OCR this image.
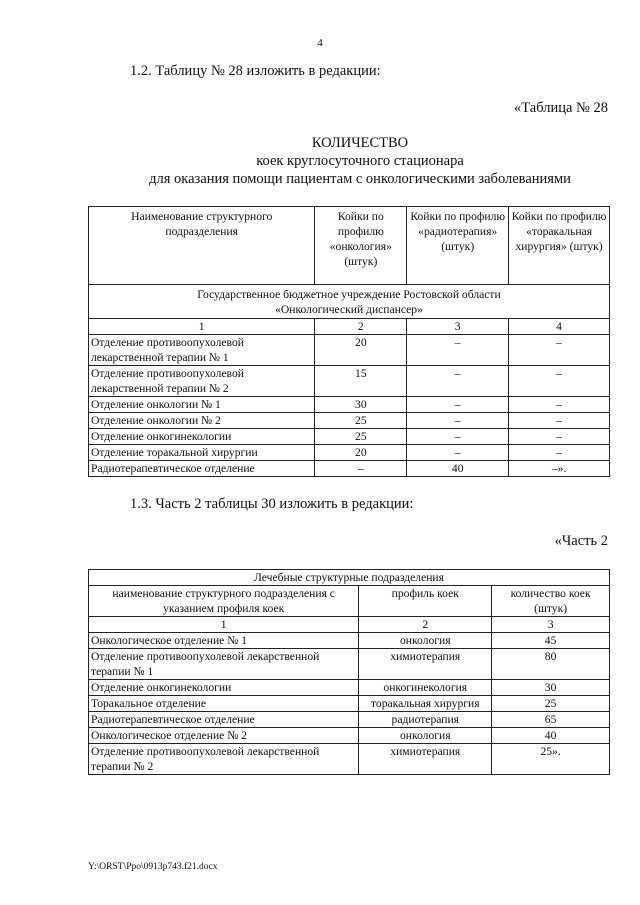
4
1.2. Таблицу № 28 изложить в редакции:
«Таблица № 28
КОЛИЧЕСТВО
коек круглосуточного стационара
для оказания помощи пациентам с онкологическими заболеваниями
Наименование структурного подразделения	Койки по профилю «онкология» (штук)	Койки по профилю «радиотерапия» (штук)	Койки по профилю «торакальная хирургия» (штук)
Государственное бюджетное учреждение Ростовской области «Онкологический диспансер»			
1	2	3	4
Отделение противоопухолевой лекарственной терапии № 1	20	–	–
Отделение противоопухолевой лекарственной терапии № 2	15	–	–
Отделение онкологии № 1	30	–	–
Отделение онкологии № 2	25	–	–
Отделение онкогинекологии	25	–	–
Отделение торакальной хирургии	20	–	–
Радиотерапевтическое отделение	–	40	–».
1.3. Часть 2 таблицы 30 изложить в редакции:
«Часть 2
Лечебные структурные подразделения		
наименование структурного подразделения с указанием профиля коек	профиль коек	количество коек (штук)
1	2	3
Онкологическое отделение № 1	онкология	45
Отделение противоопухолевой лекарственной терапии № 1	химиотерапия	80
Отделение онкогинекологии	онкогинекология	30
Торакальное отделение	торакальная хирургия	25
Радиотерапевтическое отделение	радиотерапия	65
Онкологическое отделение № 2	онкология	40
Отделение противоопухолевой лекарственной терапии № 2	химиотерапия	25».
Y:\ORST\Ppo\0913p743.f21.docx
